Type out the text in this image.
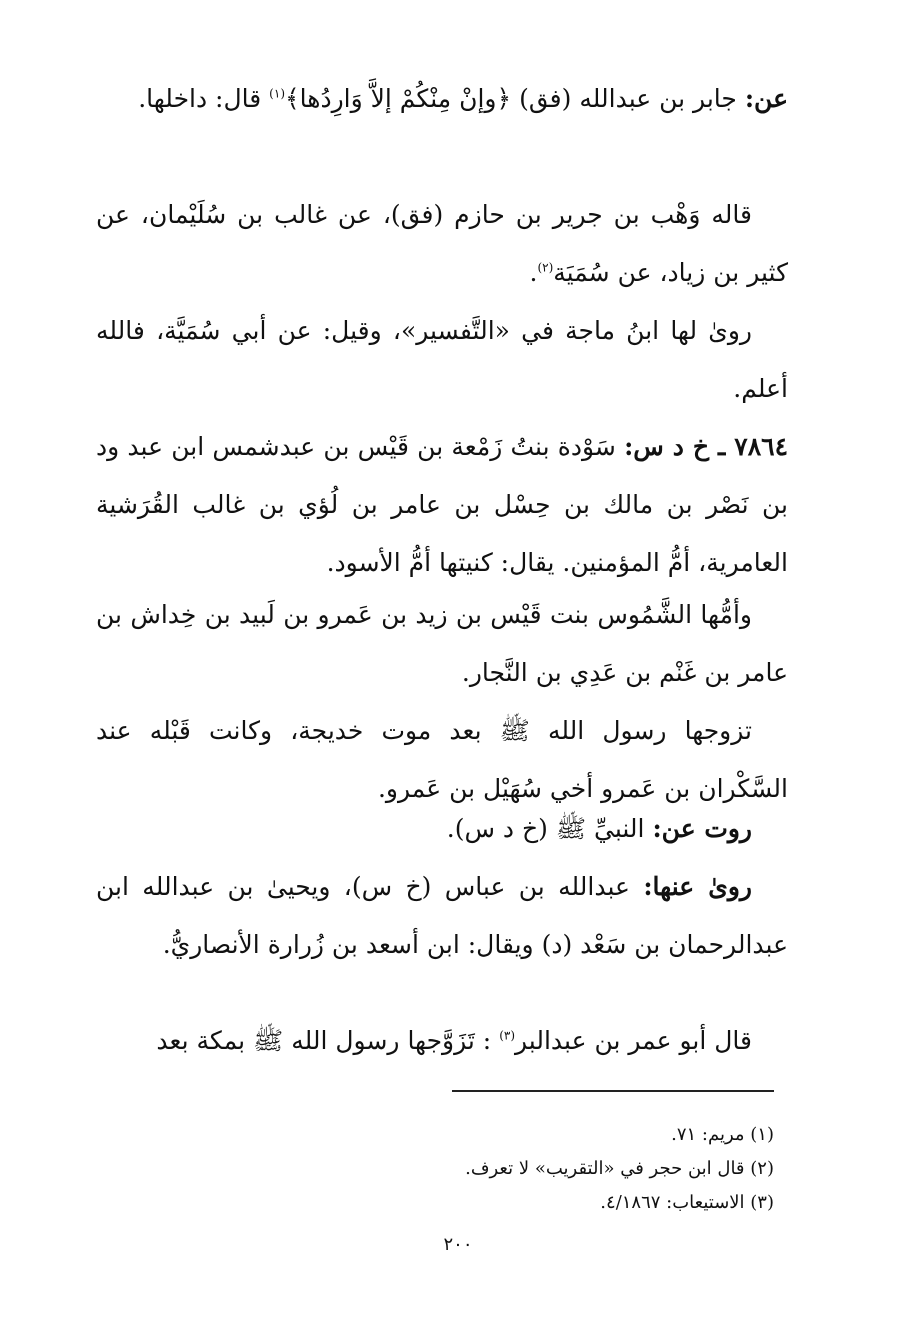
عن: جابر بن عبدالله (فق) ﴿وإنْ مِنْكُمْ إلاَّ وَارِدُها﴾$^{(١)}$ قال: داخلها.

قاله وَهْب بن جرير بن حازم (فق)، عن غالب بن سُلَيْمان، عن كثير بن زياد، عن سُمَيَة$^{(٢)}$.

روىٰ لها ابنُ ماجة في «التَّفسير»، وقيل: عن أبي سُمَيَّة، فالله أعلم.

٧٨٦٤ ـ خ د س: سَوْدة بنتُ زَمْعة بن قَيْس بن عبدشمس ابن عبد ود بن نَصْر بن مالك بن حِسْل بن عامر بن لُؤي بن غالب القُرَشية العامرية، أمُّ المؤمنين. يقال: كنيتها أمُّ الأسود.

وأمُّها الشَّمُوس بنت قَيْس بن زيد بن عَمرو بن لَبيد بن خِداش بن عامر بن غَنْم بن عَدِي بن النَّجار.

تزوجها رسول الله ﷺ بعد موت خديجة، وكانت قَبْله عند السَّكْران بن عَمرو أخي سُهَيْل بن عَمرو.

روت عن: النبيِّ ﷺ (خ د س).

روىٰ عنها: عبدالله بن عباس (خ س)، ويحيىٰ بن عبدالله ابن عبدالرحمان بن سَعْد (د) ويقال: ابن أسعد بن زُرارة الأنصاريُّ.

قال أبو عمر بن عبدالبر$^{(٣)}$ : تَزَوَّجها رسول الله ﷺ بمكة بعد

(١) مريم: ٧١.
(٢) قال ابن حجر في «التقريب» لا تعرف.
(٣) الاستيعاب: ٤/١٨٦٧.
٢٠٠
